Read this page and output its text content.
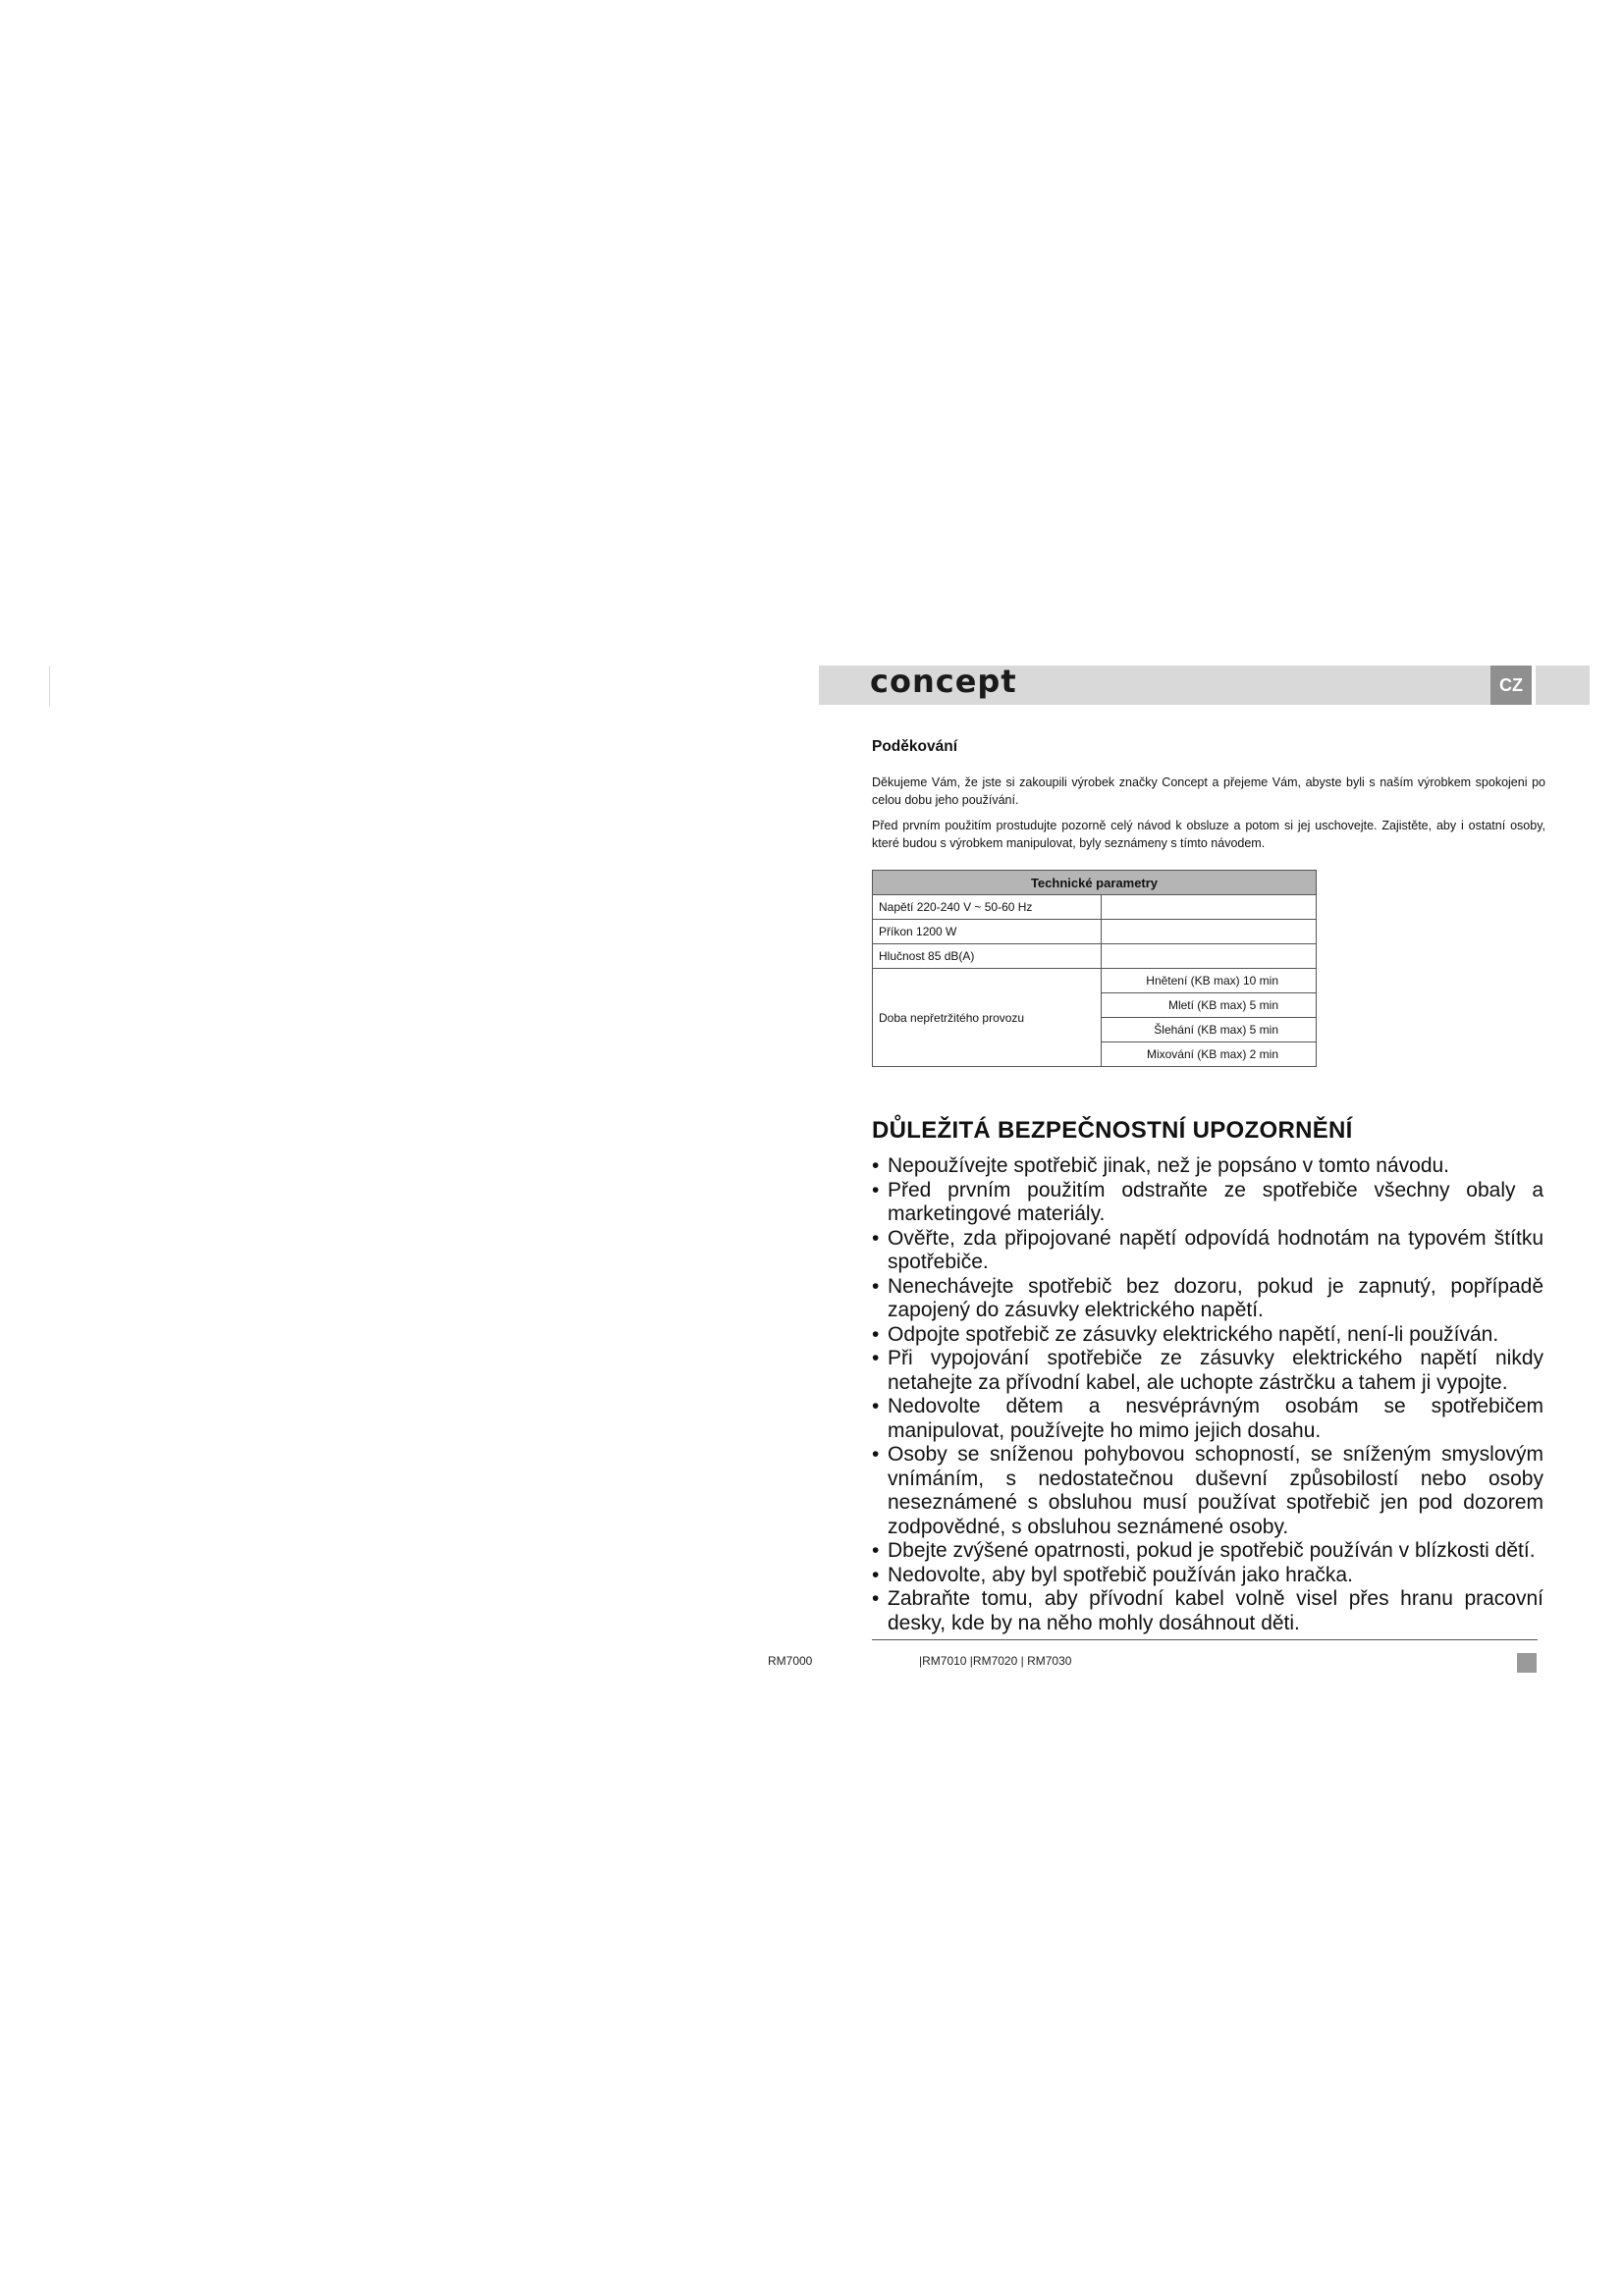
concept	CZ

Poděkování

Děkujeme Vám, že jste si zakoupili výrobek značky Concept a přejeme Vám, abyste byli s naším výrobkem spokojeni po celou dobu jeho používání.

Před prvním použitím prostudujte pozorně celý návod k obsluze a potom si jej uschovejte. Zajistěte, aby i ostatní osoby, které budou s výrobkem manipulovat, byly seznámeny s tímto návodem.

Technické parametry	
Napětí 220-240 V ~ 50-60 Hz	
Příkon 1200 W	
Hlučnost 85 dB(A)	
Doba nepřetržitého provozu	Hnětení (KB max) 10 min
	Mletí (KB max) 5 min
	Šlehání (KB max) 5 min
	Mixování (KB max) 2 min
DŮLEŽITÁ BEZPEČNOSTNÍ UPOZORNĚNÍ
• Nepoužívejte spotřebič jinak, než je popsáno v tomto návodu.
• Před prvním použitím odstraňte ze spotřebiče všechny obaly a marketingové materiály.
• Ověřte, zda připojované napětí odpovídá hodnotám na typovém štítku spotřebiče.
• Nenechávejte spotřebič bez dozoru, pokud je zapnutý, popřípadě zapojený do zásuvky elektrického napětí.
• Odpojte spotřebič ze zásuvky elektrického napětí, není-li používán.
• Při vypojování spotřebiče ze zásuvky elektrického napětí nikdy netahejte za přívodní kabel, ale uchopte zástrčku a tahem ji vypojte.
• Nedovolte dětem a nesvéprávným osobám se spotřebičem manipulovat, používejte ho mimo jejich dosahu.
• Osoby se sníženou pohybovou schopností, se sníženým smyslovým vnímáním, s nedostatečnou duševní způsobilostí nebo osoby neseznámené s obsluhou musí používat spotřebič jen pod dozorem zodpovědné, s obsluhou seznámené osoby.
• Dbejte zvýšené opatrnosti, pokud je spotřebič používán v blízkosti dětí.
• Nedovolte, aby byl spotřebič používán jako hračka.
• Zabraňte tomu, aby přívodní kabel volně visel přes hranu pracovní desky, kde by na něho mohly dosáhnout děti.
RM7000	|RM7010 |RM7020 | RM7030
